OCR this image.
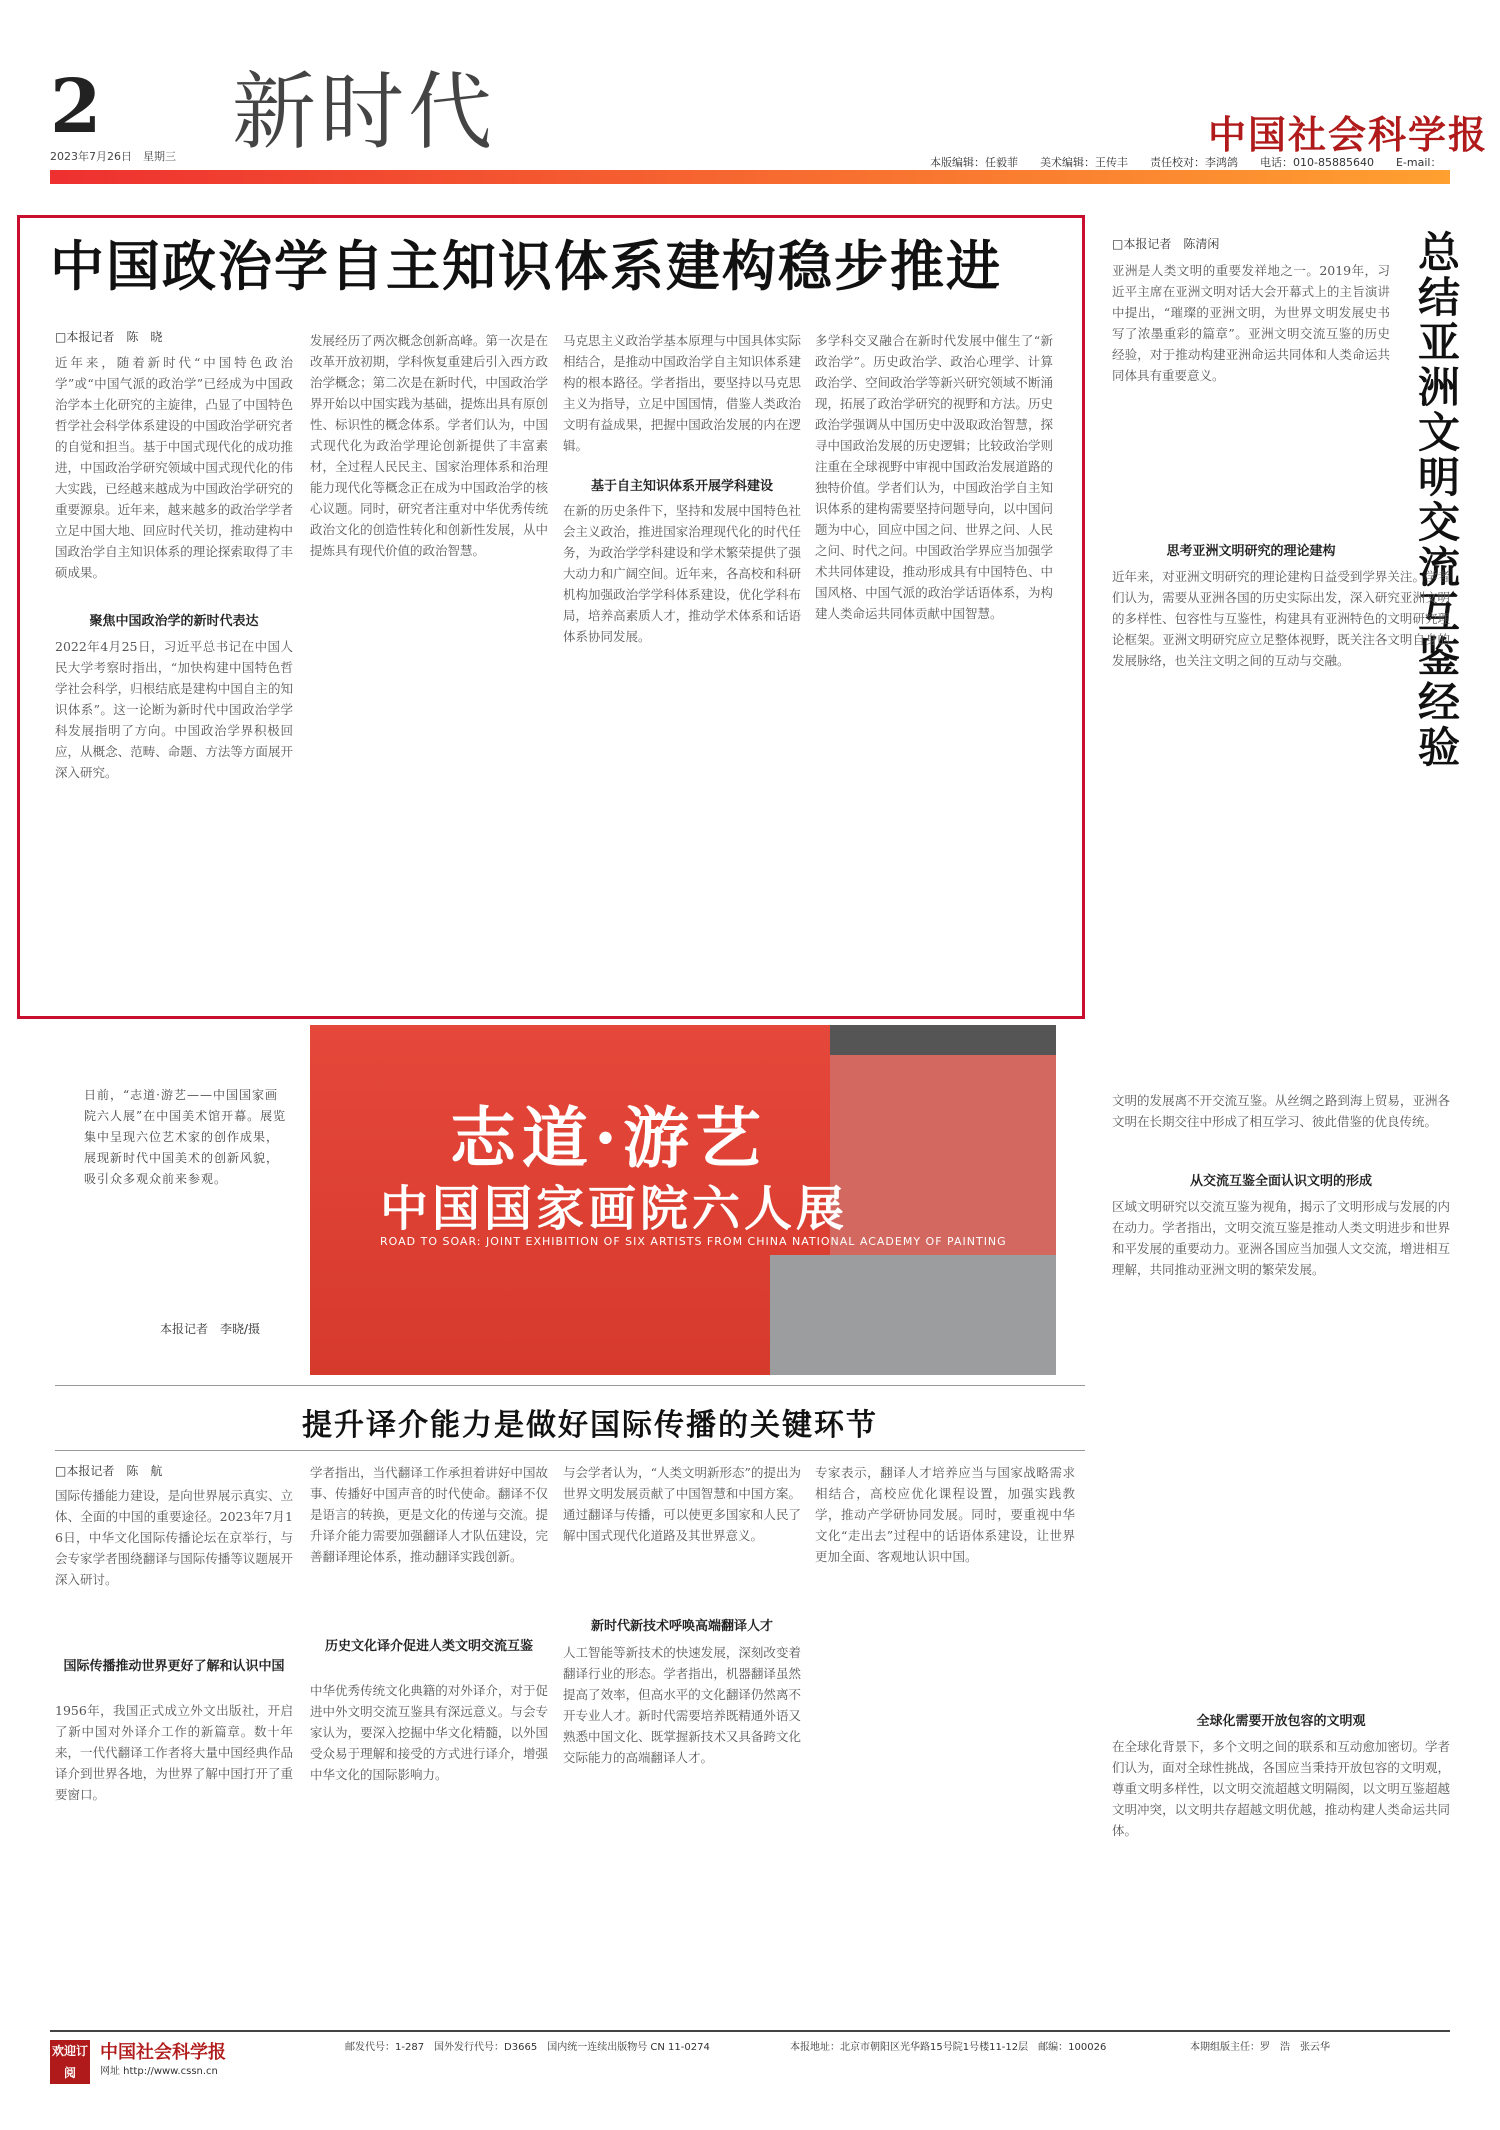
2
2023年7月26日　星期三 新时代	中国社会科学报
本版编辑：任毅菲　　美术编辑：王传丰　　责任校对：李鸿鸽　　电话：010-85885640　　E-mail：
中国政治学自主知识体系建构稳步推进
□本报记者　陈　晓
近年来，随着新时代“中国特色政治学”或“中国气派的政治学”已经成为中国政治学本土化研究的主旋律，凸显了中国特色哲学社会科学体系建设的中国政治学研究者的自觉和担当。基于中国式现代化的成功推进，中国政治学研究领域中国式现代化的伟大实践，已经越来越成为中国政治学研究的重要源泉。近年来，越来越多的政治学学者立足中国大地、回应时代关切，推动建构中国政治学自主知识体系的理论探索取得了丰硕成果。
聚焦中国政治学的新时代表达
2022年4月25日，习近平总书记在中国人民大学考察时指出，“加快构建中国特色哲学社会科学，归根结底是建构中国自主的知识体系”。这一论断为新时代中国政治学学科发展指明了方向。中国政治学界积极回应，从概念、范畴、命题、方法等方面展开深入研究。
发展经历了两次概念创新高峰。第一次是在改革开放初期，学科恢复重建后引入西方政治学概念；第二次是在新时代，中国政治学界开始以中国实践为基础，提炼出具有原创性、标识性的概念体系。学者们认为，中国式现代化为政治学理论创新提供了丰富素材，全过程人民民主、国家治理体系和治理能力现代化等概念正在成为中国政治学的核心议题。同时，研究者注重对中华优秀传统政治文化的创造性转化和创新性发展，从中提炼具有现代价值的政治智慧。
马克思主义政治学基本原理与中国具体实际相结合，是推动中国政治学自主知识体系建构的根本路径。学者指出，要坚持以马克思主义为指导，立足中国国情，借鉴人类政治文明有益成果，把握中国政治发展的内在逻辑。
基于自主知识体系开展学科建设
在新的历史条件下，坚持和发展中国特色社会主义政治，推进国家治理现代化的时代任务，为政治学学科建设和学术繁荣提供了强大动力和广阔空间。近年来，各高校和科研机构加强政治学学科体系建设，优化学科布局，培养高素质人才，推动学术体系和话语体系协同发展。
多学科交叉融合在新时代发展中催生了“新政治学”。历史政治学、政治心理学、计算政治学、空间政治学等新兴研究领域不断涌现，拓展了政治学研究的视野和方法。历史政治学强调从中国历史中汲取政治智慧，探寻中国政治发展的历史逻辑；比较政治学则注重在全球视野中审视中国政治发展道路的独特价值。学者们认为，中国政治学自主知识体系的建构需要坚持问题导向，以中国问题为中心，回应中国之问、世界之问、人民之问、时代之问。中国政治学界应当加强学术共同体建设，推动形成具有中国特色、中国风格、中国气派的政治学话语体系，为构建人类命运共同体贡献中国智慧。	总结亚洲文明交流互鉴经验
□本报记者　陈清闲
亚洲是人类文明的重要发祥地之一。2019年，习近平主席在亚洲文明对话大会开幕式上的主旨演讲中提出，“璀璨的亚洲文明，为世界文明发展史书写了浓墨重彩的篇章”。亚洲文明交流互鉴的历史经验，对于推动构建亚洲命运共同体和人类命运共同体具有重要意义。
思考亚洲文明研究的理论建构
近年来，对亚洲文明研究的理论建构日益受到学界关注。学者们认为，需要从亚洲各国的历史实际出发，深入研究亚洲文明的多样性、包容性与互鉴性，构建具有亚洲特色的文明研究理论框架。亚洲文明研究应立足整体视野，既关注各文明自身的发展脉络，也关注文明之间的互动与交融。
文明的发展离不开交流互鉴。从丝绸之路到海上贸易，亚洲各文明在长期交往中形成了相互学习、彼此借鉴的优良传统。
从交流互鉴全面认识文明的形成
区域文明研究以交流互鉴为视角，揭示了文明形成与发展的内在动力。学者指出，文明交流互鉴是推动人类文明进步和世界和平发展的重要动力。亚洲各国应当加强人文交流，增进相互理解，共同推动亚洲文明的繁荣发展。
全球化需要开放包容的文明观
在全球化背景下，多个文明之间的联系和互动愈加密切。学者们认为，面对全球性挑战，各国应当秉持开放包容的文明观，尊重文明多样性，以文明交流超越文明隔阂，以文明互鉴超越文明冲突，以文明共存超越文明优越，推动构建人类命运共同体。
志道·游艺
中国国家画院六人展
ROAD TO SOAR: JOINT EXHIBITION OF SIX ARTISTS FROM CHINA NATIONAL ACADEMY OF PAINTING
日前，“志道·游艺——中国国家画院六人展”在中国美术馆开幕。展览集中呈现六位艺术家的创作成果，展现新时代中国美术的创新风貌，吸引众多观众前来参观。
本报记者　李晓/摄
提升译介能力是做好国际传播的关键环节
□本报记者　陈　航
国际传播能力建设，是向世界展示真实、立体、全面的中国的重要途径。2023年7月16日，中华文化国际传播论坛在京举行，与会专家学者围绕翻译与国际传播等议题展开深入研讨。
国际传播推动世界更好了解和认识中国
1956年，我国正式成立外文出版社，开启了新中国对外译介工作的新篇章。数十年来，一代代翻译工作者将大量中国经典作品译介到世界各地，为世界了解中国打开了重要窗口。
学者指出，当代翻译工作承担着讲好中国故事、传播好中国声音的时代使命。翻译不仅是语言的转换，更是文化的传递与交流。提升译介能力需要加强翻译人才队伍建设，完善翻译理论体系，推动翻译实践创新。
历史文化译介促进人类文明交流互鉴
中华优秀传统文化典籍的对外译介，对于促进中外文明交流互鉴具有深远意义。与会专家认为，要深入挖掘中华文化精髓，以外国受众易于理解和接受的方式进行译介，增强中华文化的国际影响力。
与会学者认为，“人类文明新形态”的提出为世界文明发展贡献了中国智慧和中国方案。通过翻译与传播，可以使更多国家和人民了解中国式现代化道路及其世界意义。
新时代新技术呼唤高端翻译人才
人工智能等新技术的快速发展，深刻改变着翻译行业的形态。学者指出，机器翻译虽然提高了效率，但高水平的文化翻译仍然离不开专业人才。新时代需要培养既精通外语又熟悉中国文化、既掌握新技术又具备跨文化交际能力的高端翻译人才。
专家表示，翻译人才培养应当与国家战略需求相结合，高校应优化课程设置，加强实践教学，推动产学研协同发展。同时，要重视中华文化“走出去”过程中的话语体系建设，让世界更加全面、客观地认识中国。
欢迎订阅
中国社会科学报
网址 http://www.cssn.cn
邮发代号：1-287　国外发行代号：D3665　国内统一连续出版物号 CN 11-0274	本报地址：北京市朝阳区光华路15号院1号楼11-12层　邮编：100026	本期组版主任：罗　浩　张云华
